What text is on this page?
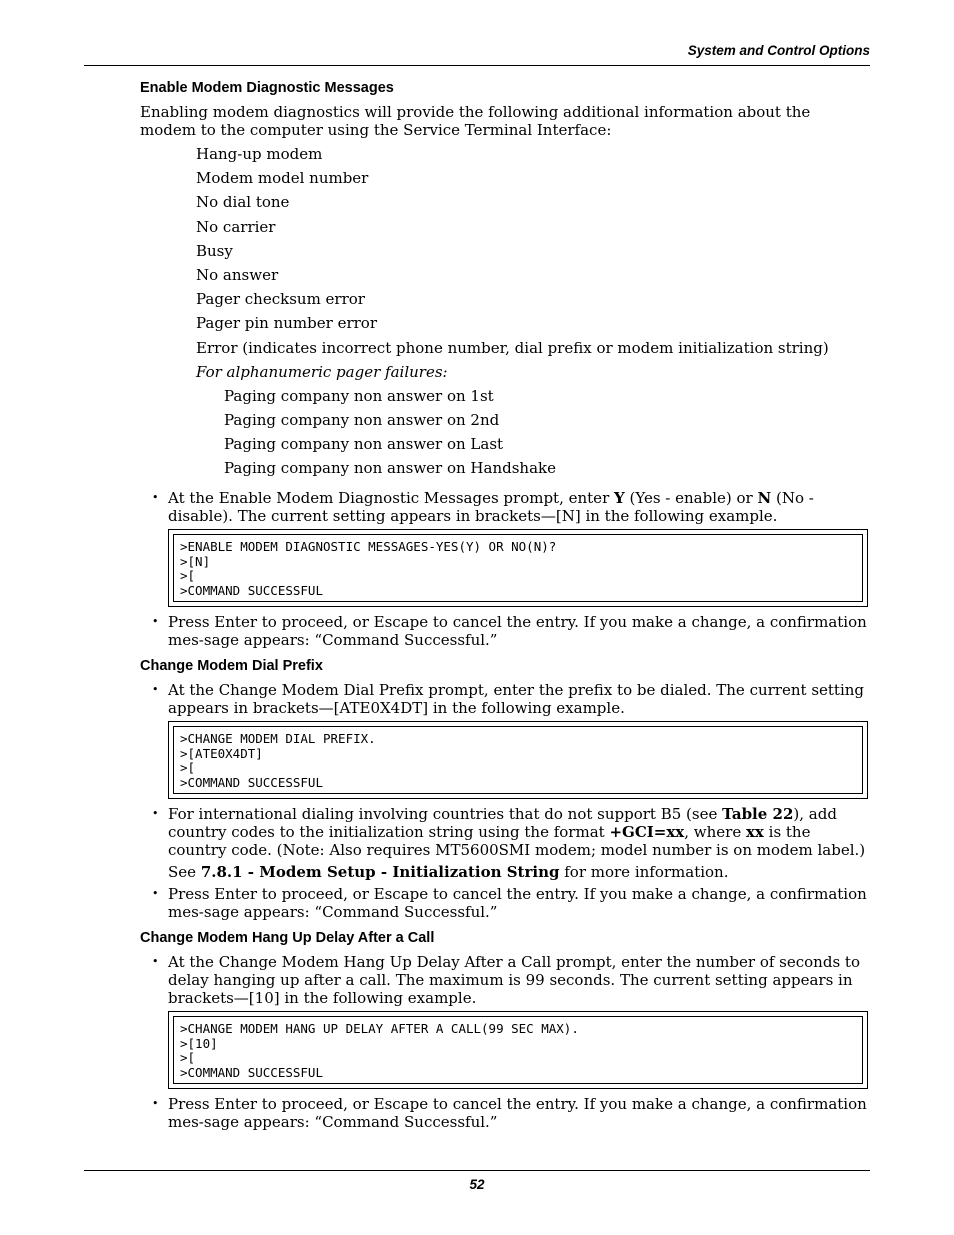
System and Control Options
Enable Modem Diagnostic Messages

Enabling modem diagnostics will provide the following additional information about the modem to the computer using the Service Terminal Interface:

Hang-up modem
Modem model number
No dial tone
No carrier
Busy
No answer
Pager checksum error
Pager pin number error
Error (indicates incorrect phone number, dial prefix or modem initialization string)
For alphanumeric pager failures:
Paging company non answer on 1st
Paging company non answer on 2nd
Paging company non answer on Last
Paging company non answer on Handshake
• At the Enable Modem Diagnostic Messages prompt, enter Y (Yes - enable) or N (No - disable). The current setting appears in brackets—[N] in the following example.
>ENABLE MODEM DIAGNOSTIC MESSAGES-YES(Y) OR NO(N)?
>[N]
>[
>COMMAND SUCCESSFUL
• Press Enter to proceed, or Escape to cancel the entry. If you make a change, a confirmation mes-sage appears: “Command Successful.”
Change Modem Dial Prefix
• At the Change Modem Dial Prefix prompt, enter the prefix to be dialed. The current setting appears in brackets—[ATE0X4DT] in the following example.
>CHANGE MODEM DIAL PREFIX.
>[ATE0X4DT]
>[
>COMMAND SUCCESSFUL
• For international dialing involving countries that do not support B5 (see Table 22), add country codes to the initialization string using the format +GCI=xx, where xx is the country code. (Note: Also requires MT5600SMI modem; model number is on modem label.)
See 7.8.1 - Modem Setup - Initialization String for more information.
• Press Enter to proceed, or Escape to cancel the entry. If you make a change, a confirmation mes-sage appears: “Command Successful.”
Change Modem Hang Up Delay After a Call
• At the Change Modem Hang Up Delay After a Call prompt, enter the number of seconds to delay hanging up after a call. The maximum is 99 seconds. The current setting appears in brackets—[10] in the following example.
>CHANGE MODEM HANG UP DELAY AFTER A CALL(99 SEC MAX).
>[10]
>[
>COMMAND SUCCESSFUL
• Press Enter to proceed, or Escape to cancel the entry. If you make a change, a confirmation mes-sage appears: “Command Successful.”
52
